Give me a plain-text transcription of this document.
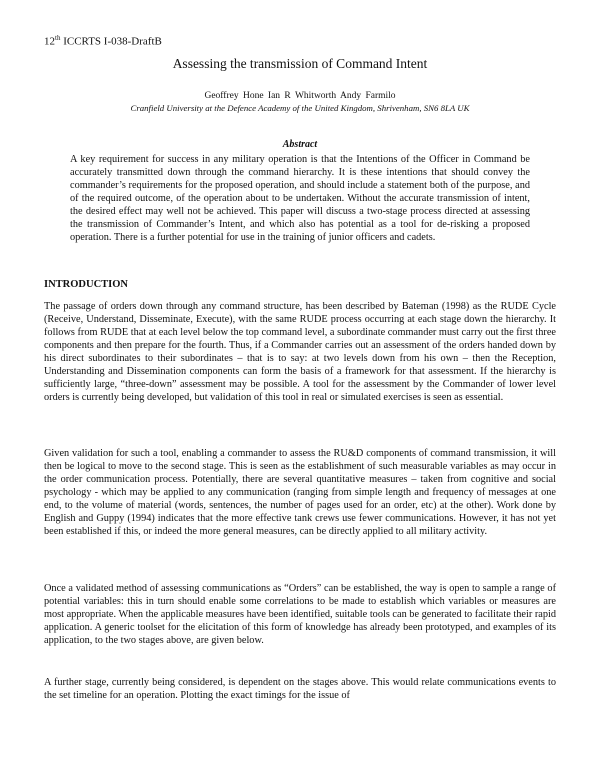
12th ICCRTS I-038-DraftB
Assessing the transmission of Command Intent
Geoffrey Hone Ian R Whitworth Andy Farmilo
Cranfield University at the Defence Academy of the United Kingdom, Shrivenham, SN6 8LA UK
Abstract

A key requirement for success in any military operation is that the Intentions of the Officer in Command be accurately transmitted down through the command hierarchy. It is these intentions that should convey the commander’s requirements for the proposed operation, and should include a statement both of the purpose, and of the required outcome, of the operation about to be undertaken. Without the accurate transmission of intent, the desired effect may well not be achieved. This paper will discuss a two-stage process directed at assessing the transmission of Commander’s Intent, and which also has potential as a tool for de-risking a proposed operation. There is a further potential for use in the training of junior officers and cadets.

INTRODUCTION

The passage of orders down through any command structure, has been described by Bateman (1998) as the RUDE Cycle (Receive, Understand, Disseminate, Execute), with the same RUDE process occurring at each stage down the hierarchy. It follows from RUDE that at each level below the top command level, a subordinate commander must carry out the first three components and then prepare for the fourth. Thus, if a Commander carries out an assessment of the orders handed down by his direct subordinates to their subordinates – that is to say: at two levels down from his own – then the Reception, Understanding and Dissemination components can form the basis of a framework for that assessment. If the hierarchy is sufficiently large, “three-down” assessment may be possible. A tool for the assessment by the Commander of lower level orders is currently being developed, but validation of this tool in real or simulated exercises is seen as essential.

Given validation for such a tool, enabling a commander to assess the RU&D components of command transmission, it will then be logical to move to the second stage. This is seen as the establishment of such measurable variables as may occur in the order communication process. Potentially, there are several quantitative measures – taken from cognitive and social psychology - which may be applied to any communication (ranging from simple length and frequency of messages at one end, to the volume of material (words, sentences, the number of pages used for an order, etc) at the other). Work done by English and Guppy (1994) indicates that the more effective tank crews use fewer communications. However, it has not yet been established if this, or indeed the more general measures, can be directly applied to all military activity.

Once a validated method of assessing communications as “Orders” can be established, the way is open to sample a range of potential variables: this in turn should enable some correlations to be made to establish which variables or measures are most appropriate. When the applicable measures have been identified, suitable tools can be generated to facilitate their rapid application. A generic toolset for the elicitation of this form of knowledge has already been prototyped, and examples of its application, to the two stages above, are given below.

A further stage, currently being considered, is dependent on the stages above. This would relate communications events to the set timeline for an operation. Plotting the exact timings for the issue of
